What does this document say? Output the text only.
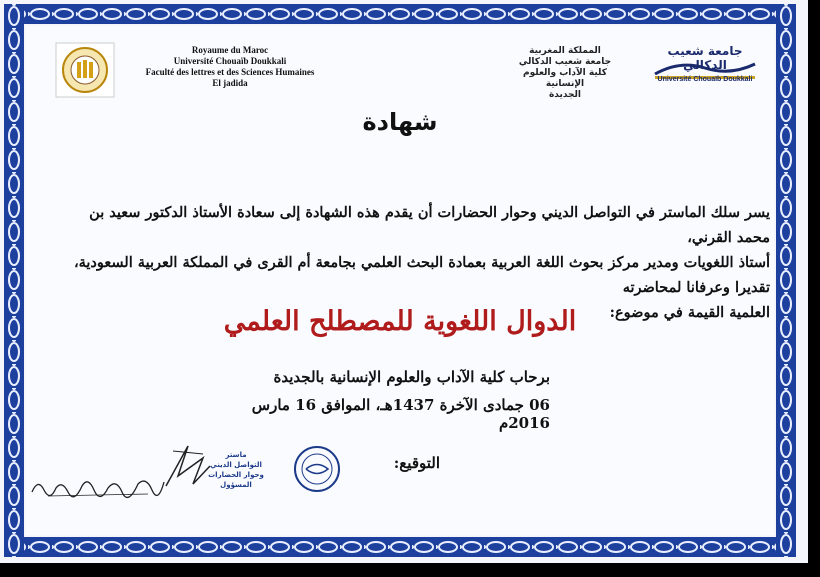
Royaume du Maroc
Université Chouaïb Doukkali
Faculté des lettres et des Sciences Humaines
El jadida
المملكة المغربية
جامعة شعيب الدكالي
كلية الآداب والعلوم الإنسانية
الجديدة
جامعة شعيب الدكالي
Université Chouaïb Doukkali
شهادة
يسر سلك الماستر في التواصل الديني وحوار الحضارات أن يقدم هذه الشهادة إلى سعادة الأستاذ الدكتور سعيد بن محمد القرني،
أستاذ اللغويات ومدير مركز بحوث اللغة العربية بعمادة البحث العلمي بجامعة أم القرى في المملكة العربية السعودية، تقديرا وعرفانا لمحاضرته
العلمية القيمة في موضوع:
الدوال اللغوية للمصطلح العلمي
برحاب كلية الآداب والعلوم الإنسانية بالجديدة
06 جمادى الآخرة 1437هـ، الموافق 16 مارس 2016م
التوقيع:
ماستر
التواصل الديني
وحوار الحضارات
المسؤول
